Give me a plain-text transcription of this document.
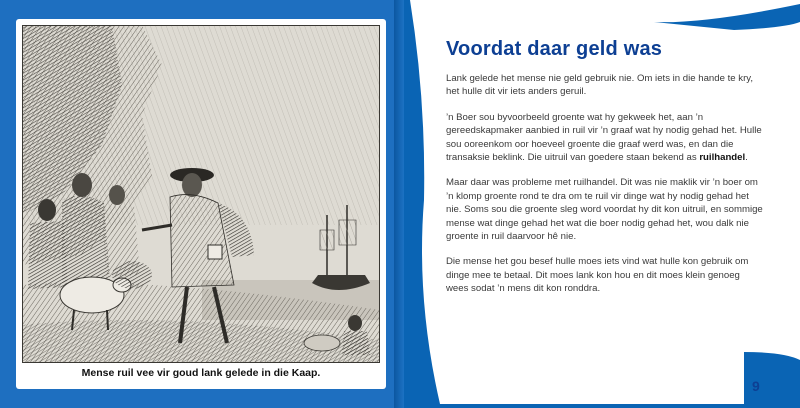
Mense ruil vee vir goud lank gelede in die Kaap.
Voordat daar geld was

Lank gelede het mense nie geld gebruik nie. Om iets in die hande te kry, het hulle dit vir iets anders geruil.

’n Boer sou byvoorbeeld groente wat hy gekweek het, aan ’n gereedskapmaker aanbied in ruil vir ’n graaf wat hy nodig gehad het. Hulle sou ooreenkom oor hoeveel groente die graaf werd was, en dan die transaksie beklink. Die uitruil van goedere staan bekend as ruilhandel.

Maar daar was probleme met ruilhandel. Dit was nie maklik vir ’n boer om ’n klomp groente rond te dra om te ruil vir dinge wat hy nodig gehad het nie. Soms sou die groente sleg word voordat hy dit kon uitruil, en sommige mense wat dinge gehad het wat die boer nodig gehad het, wou dalk nie groente in ruil daarvoor hê nie.

Die mense het gou besef hulle moes iets vind wat hulle kon gebruik om dinge mee te betaal. Dit moes lank kon hou en dit moes klein genoeg wees sodat ’n mens dit kon ronddra.

9
